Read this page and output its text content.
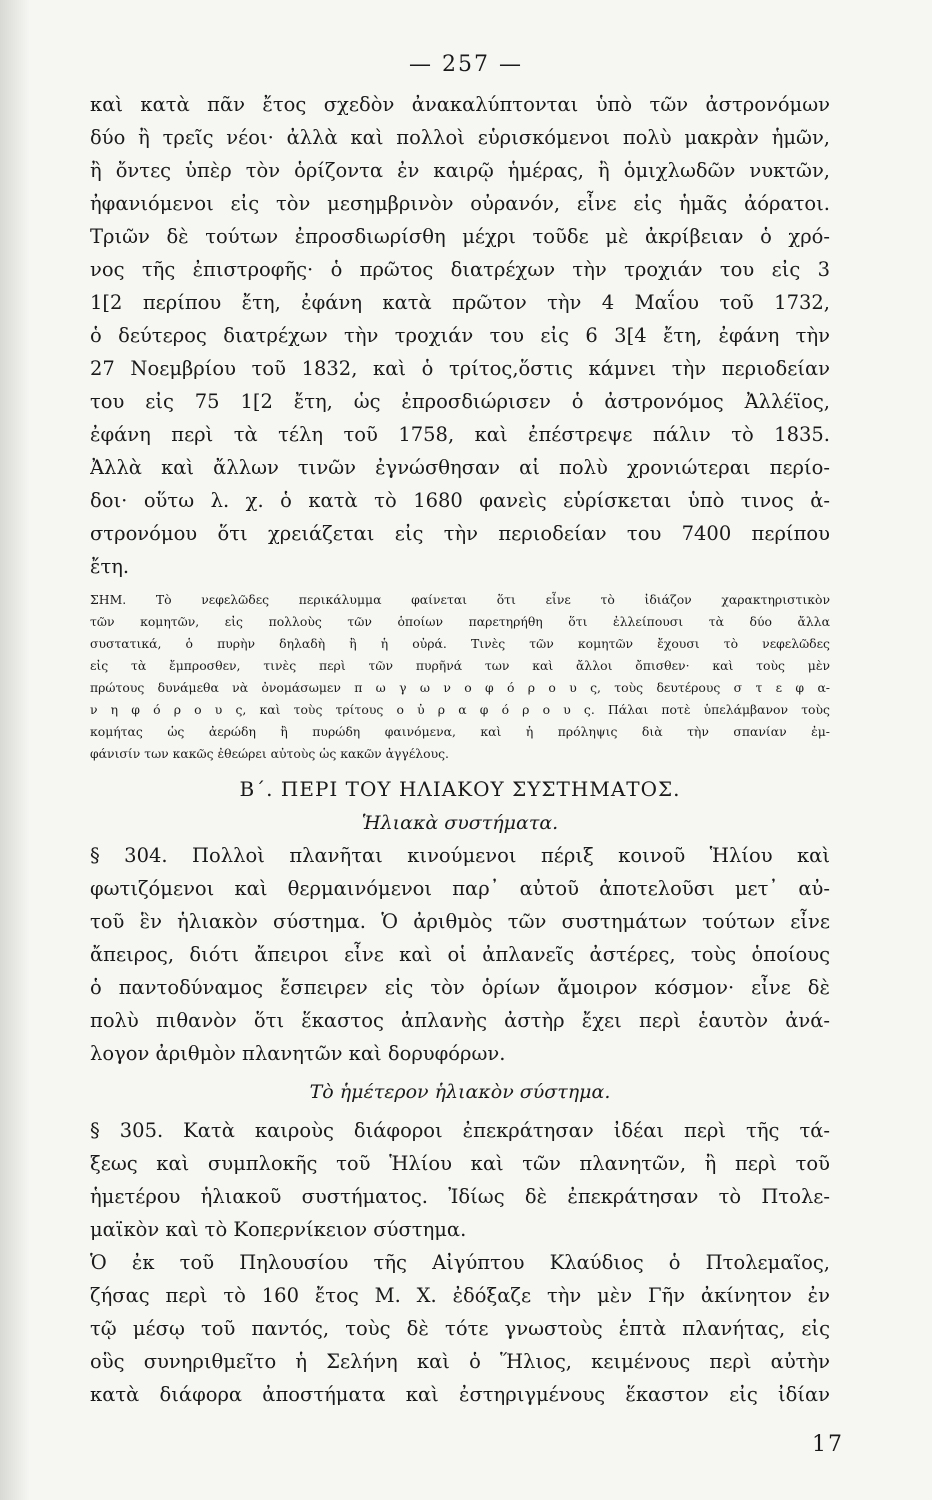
— 257 —
καὶ κατὰ πᾶν ἔτος σχεδὸν ἀνακαλύπτονται ὑπὸ τῶν ἀστρονόμων
δύο ἢ τρεῖς νέοι· ἀλλὰ καὶ πολλοὶ εὑρισκόμενοι πολὺ μακρὰν ἡμῶν,
ἢ ὄντες ὑπὲρ τὸν ὁρίζοντα ἐν καιρῷ ἡμέρας, ἢ ὁμιχλωδῶν νυκτῶν,
ἠφανιόμενοι εἰς τὸν μεσημβρινὸν οὐρανόν, εἶνε εἰς ἡμᾶς ἀόρατοι.
Τριῶν δὲ τούτων ἐπροσδιωρίσθη μέχρι τοῦδε μὲ ἀκρίβειαν ὁ χρό-
νος τῆς ἐπιστροφῆς· ὁ πρῶτος διατρέχων τὴν τροχιάν του εἰς 3
1[2 περίπου ἔτη, ἐφάνη κατὰ πρῶτον τὴν 4 Μαΐου τοῦ 1732,
ὁ δεύτερος διατρέχων τὴν τροχιάν του εἰς 6 3[4 ἔτη, ἐφάνη τὴν
27 Νοεμβρίου τοῦ 1832, καὶ ὁ τρίτος,ὅστις κάμνει τὴν περιοδείαν
του εἰς 75 1[2 ἔτη, ὡς ἐπροσδιώρισεν ὁ ἀστρονόμος Ἀλλέϊος,
ἐφάνη περὶ τὰ τέλη τοῦ 1758, καὶ ἐπέστρεψε πάλιν τὸ 1835.
Ἀλλὰ καὶ ἄλλων τινῶν ἐγνώσθησαν αἱ πολὺ χρονιώτεραι περίο-
δοι· οὕτω λ. χ. ὁ κατὰ τὸ 1680 φανεὶς εὑρίσκεται ὑπὸ τινος ἀ-
στρονόμου ὅτι χρειάζεται εἰς τὴν περιοδείαν του 7400 περίπου
ἔτη.
ΣΗΜ. Τὸ νεφελῶδες περικάλυμμα φαίνεται ὅτι εἶνε τὸ ἰδιάζον χαρακτηριστικὸν
τῶν κομητῶν, εἰς πολλοὺς τῶν ὁποίων παρετηρήθη ὅτι ἐλλείπουσι τὰ δύο ἄλλα
συστατικά, ὁ πυρὴν δηλαδὴ ἢ ἡ οὐρά. Τινὲς τῶν κομητῶν ἔχουσι τὸ νεφελῶδες
εἰς τὰ ἔμπροσθεν, τινὲς περὶ τῶν πυρῆνά των καὶ ἄλλοι ὄπισθεν· καὶ τοὺς μὲν
πρώτους δυνάμεθα νὰ ὀνομάσωμεν π ω γ ω ν ο φ ό ρ ο υ ς, τοὺς δευτέρους σ τ ε φ α-
ν η φ ό ρ ο υ ς, καὶ τοὺς τρίτους ο ὐ ρ α φ ό ρ ο υ ς. Πάλαι ποτὲ ὑπελάμβανον τοὺς
κομήτας ὡς ἀερώδη ἢ πυρώδη φαινόμενα, καὶ ἡ πρόληψις διὰ τὴν σπανίαν ἐμ-
φάνισίν των κακῶς ἐθεώρει αὐτοὺς ὡς κακῶν ἀγγέλους.
Β΄. ΠΕΡΙ ΤΟΥ ΗΛΙΑΚΟΥ ΣΥΣΤΗΜΑΤΟΣ.
Ἡλιακὰ συστήματα.
§ 304. Πολλοὶ πλανῆται κινούμενοι πέριξ κοινοῦ Ἡλίου καὶ
φωτιζόμενοι καὶ θερμαινόμενοι παρ᾽ αὐτοῦ ἀποτελοῦσι μετ᾽ αὐ-
τοῦ ἓν ἡλιακὸν σύστημα. Ὁ ἀριθμὸς τῶν συστημάτων τούτων εἶνε
ἄπειρος, διότι ἄπειροι εἶνε καὶ οἱ ἀπλανεῖς ἀστέρες, τοὺς ὁποίους
ὁ παντοδύναμος ἔσπειρεν εἰς τὸν ὁρίων ἄμοιρον κόσμον· εἶνε δὲ
πολὺ πιθανὸν ὅτι ἕκαστος ἀπλανὴς ἀστὴρ ἔχει περὶ ἑαυτὸν ἀνά-
λογον ἀριθμὸν πλανητῶν καὶ δορυφόρων.
Τὸ ἡμέτερον ἡλιακὸν σύστημα.
§ 305. Κατὰ καιροὺς διάφοροι ἐπεκράτησαν ἰδέαι περὶ τῆς τά-
ξεως καὶ συμπλοκῆς τοῦ Ἡλίου καὶ τῶν πλανητῶν, ἢ περὶ τοῦ
ἡμετέρου ἡλιακοῦ συστήματος. Ἰδίως δὲ ἐπεκράτησαν τὸ Πτολε-
μαϊκὸν καὶ τὸ Κοπερνίκειον σύστημα.
Ὁ ἐκ τοῦ Πηλουσίου τῆς Αἰγύπτου Κλαύδιος ὁ Πτολεμαῖος,
ζήσας περὶ τὸ 160 ἔτος Μ. Χ. ἐδόξαζε τὴν μὲν Γῆν ἀκίνητον ἐν
τῷ μέσῳ τοῦ παντός, τοὺς δὲ τότε γνωστοὺς ἑπτὰ πλανήτας, εἰς
οὓς συνηριθμεῖτο ἡ Σελήνη καὶ ὁ Ἥλιος, κειμένους περὶ αὐτὴν
κατὰ διάφορα ἀποστήματα καὶ ἐστηριγμένους ἕκαστον εἰς ἰδίαν
17
